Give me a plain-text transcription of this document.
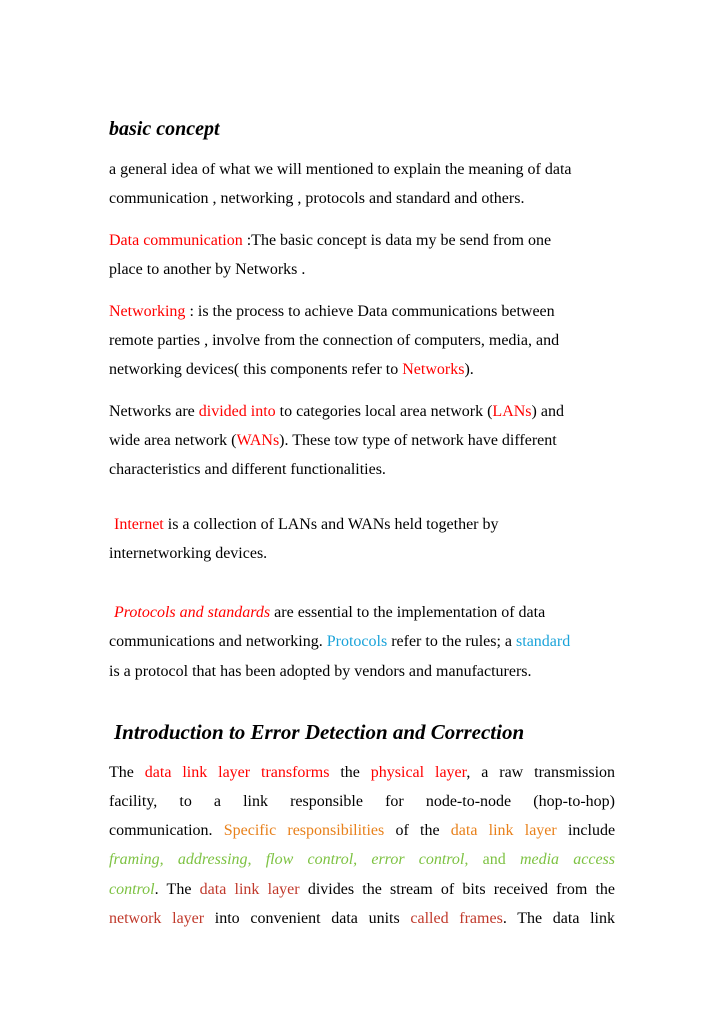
basic concept
a general idea of what we will mentioned to explain the meaning of data
communication , networking , protocols and standard and others.
Data communication :The basic concept is data my be send from one
place to another by Networks .
Networking : is the process to achieve Data communications between
remote parties , involve from the connection of computers, media, and
networking devices( this components refer to Networks).
Networks are divided into to categories local area network (LANs) and
wide area network (WANs). These tow type of network have different
characteristics and different functionalities.
Internet is a collection of LANs and WANs held together by
internetworking devices.
Protocols and standards are essential to the implementation of data
communications and networking. Protocols refer to the rules; a standard
is a protocol that has been adopted by vendors and manufacturers.
Introduction to Error Detection and Correction
The data link layer transforms the physical layer, a raw transmission
facility, to a link responsible for node-to-node (hop-to-hop)
communication. Specific responsibilities of the data link layer include
framing, addressing, flow control, error control, and media access
control. The data link layer divides the stream of bits received from the
network layer into convenient data units called frames. The data link
